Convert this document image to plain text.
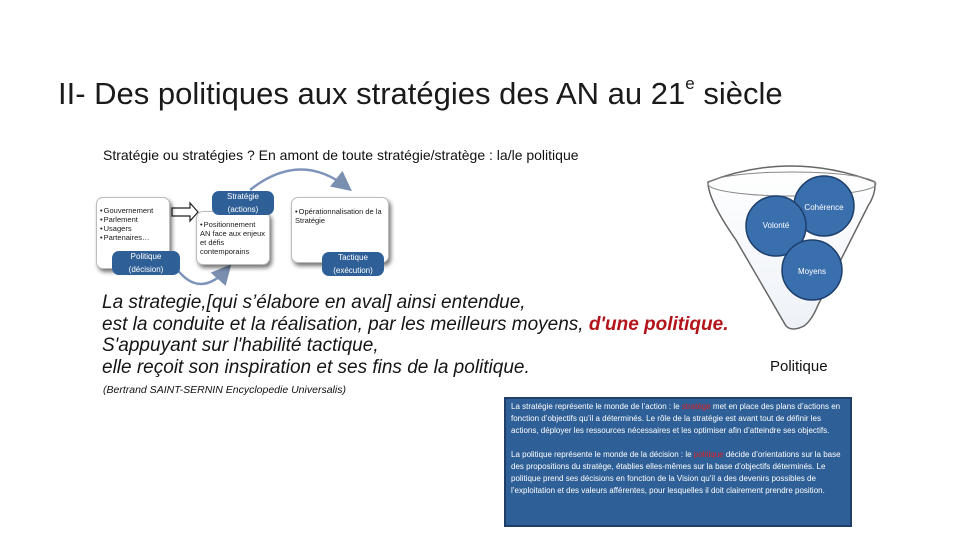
II- Des politiques aux stratégies des AN au 21e siècle
Stratégie ou stratégies ? En amont de toute stratégie/stratège : la/le politique
• Gouvernement
• Parlement
• Usagers
• Partenaires…
Politique
(décision)
• Positionnement AN face aux enjeux et défis contemporains
Stratégie
(actions)
•	Opérationnalisation de la Stratégie
Tactique
(exécution)
Cohérence
Volonté
Moyens
Politique
La strategie,[qui s’élabore en aval] ainsi entendue,
est la conduite et la réalisation, par les meilleurs moyens, d'une politique.
S'appuyant sur l'habilité tactique,
elle reçoit son inspiration et ses fins de la politique.
(Bertrand SAINT-SERNIN Encyclopedie Universalis)

La stratégie représente le monde de l’action : le stratège met en place des plans d’actions en fonction d’objectifs qu’il a déterminés. Le rôle de la stratégie est avant tout de définir les actions, déployer les ressources nécessaires et les optimiser afin d’atteindre ses objectifs.

La politique représente le monde de la décision : le politique décide d’orientations sur la base des propositions du stratège, établies elles-mêmes sur la base d’objectifs déterminés. Le politique prend ses décisions en fonction de la Vision qu’il a des devenirs possibles de l’exploitation et des valeurs afférentes, pour lesquelles il doit clairement prendre position.
